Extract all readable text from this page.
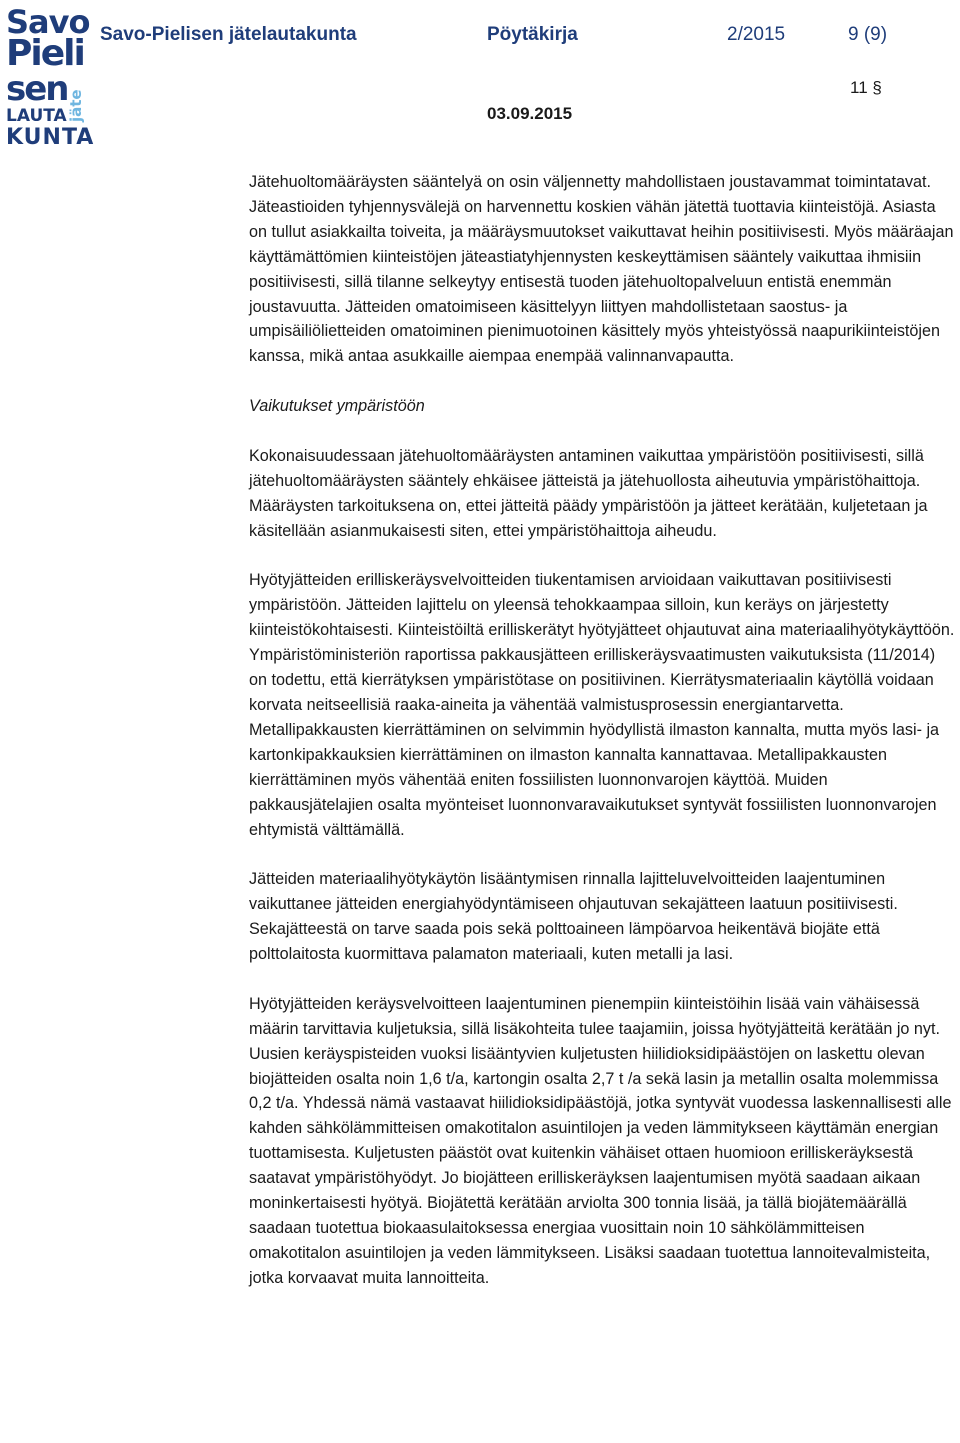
Savo
Pieli
sen
LAUTA
KUNTA
jäte
Savo-Pielisen jätelautakunta	Pöytäkirja	2/2015	9 (9)
11 §
03.09.2015

Jätehuoltomääräysten sääntelyä on osin väljennetty mahdollistaen joustavammat toimintatavat. Jäteastioiden tyhjennysvälejä on harvennettu koskien vähän jätettä tuottavia kiinteistöjä. Asiasta on tullut asiakkailta toiveita, ja määräysmuutokset vaikuttavat heihin positiivisesti. Myös määräajan käyttämättömien kiinteistöjen jäteastiatyhjennysten keskeyttämisen sääntely vaikuttaa ihmisiin positiivisesti, sillä tilanne selkeytyy entisestä tuoden jätehuoltopalveluun entistä enemmän joustavuutta. Jätteiden omatoimiseen käsittelyyn liittyen mahdollistetaan saostus- ja umpisäiliölietteiden omatoiminen pienimuotoinen käsittely myös yhteistyössä naapurikiinteistöjen kanssa, mikä antaa asukkaille aiempaa enempää valinnanvapautta.

Vaikutukset ympäristöön

Kokonaisuudessaan jätehuoltomääräysten antaminen vaikuttaa ympäristöön positiivisesti, sillä jätehuoltomääräysten sääntely ehkäisee jätteistä ja jätehuollosta aiheutuvia ympäristöhaittoja. Määräysten tarkoituksena on, ettei jätteitä päädy ympäristöön ja jätteet kerätään, kuljetetaan ja käsitellään asianmukaisesti siten, ettei ympäristöhaittoja aiheudu.

Hyötyjätteiden erilliskeräysvelvoitteiden tiukentamisen arvioidaan vaikuttavan positiivisesti ympäristöön. Jätteiden lajittelu on yleensä tehokkaampaa silloin, kun keräys on järjestetty kiinteistökohtaisesti. Kiinteistöiltä erilliskerätyt hyötyjätteet ohjautuvat aina materiaalihyötykäyttöön. Ympäristöministeriön raportissa pakkausjätteen erilliskeräysvaatimusten vaikutuksista (11/2014) on todettu, että kierrätyksen ympäristötase on positiivinen. Kierrätysmateriaalin käytöllä voidaan korvata neitseellisiä raaka-aineita ja vähentää valmistusprosessin energiantarvetta. Metallipakkausten kierrättäminen on selvimmin hyödyllistä ilmaston kannalta, mutta myös lasi- ja kartonkipakkauksien kierrättäminen on ilmaston kannalta kannattavaa. Metallipakkausten kierrättäminen myös vähentää eniten fossiilisten luonnonvarojen käyttöä. Muiden pakkausjätelajien osalta myönteiset luonnonvaravaikutukset syntyvät fossiilisten luonnonvarojen ehtymistä välttämällä.

Jätteiden materiaalihyötykäytön lisääntymisen rinnalla lajitteluvelvoitteiden laajentuminen vaikuttanee jätteiden energiahyödyntämiseen ohjautuvan sekajätteen laatuun positiivisesti. Sekajätteestä on tarve saada pois sekä polttoaineen lämpöarvoa heikentävä biojäte että polttolaitosta kuormittava palamaton materiaali, kuten metalli ja lasi.

Hyötyjätteiden keräysvelvoitteen laajentuminen pienempiin kiinteistöihin lisää vain vähäisessä määrin tarvittavia kuljetuksia, sillä lisäkohteita tulee taajamiin, joissa hyötyjätteitä kerätään jo nyt. Uusien keräyspisteiden vuoksi lisääntyvien kuljetusten hiilidioksidipäästöjen on laskettu olevan biojätteiden osalta noin 1,6 t/a, kartongin osalta 2,7 t /a sekä lasin ja metallin osalta molemmissa 0,2 t/a. Yhdessä nämä vastaavat hiilidioksidipäästöjä, jotka syntyvät vuodessa laskennallisesti alle kahden sähkölämmitteisen omakotitalon asuintilojen ja veden lämmitykseen käyttämän energian tuottamisesta. Kuljetusten päästöt ovat kuitenkin vähäiset ottaen huomioon erilliskeräyksestä saatavat ympäristöhyödyt. Jo biojätteen erilliskeräyksen laajentumisen myötä saadaan aikaan moninkertaisesti hyötyä. Biojätettä kerätään arviolta 300 tonnia lisää, ja tällä biojätemäärällä saadaan tuotettua biokaasulaitoksessa energiaa vuosittain noin 10 sähkölämmitteisen omakotitalon asuintilojen ja veden lämmitykseen. Lisäksi saadaan tuotettua lannoitevalmisteita, jotka korvaavat muita lannoitteita.
